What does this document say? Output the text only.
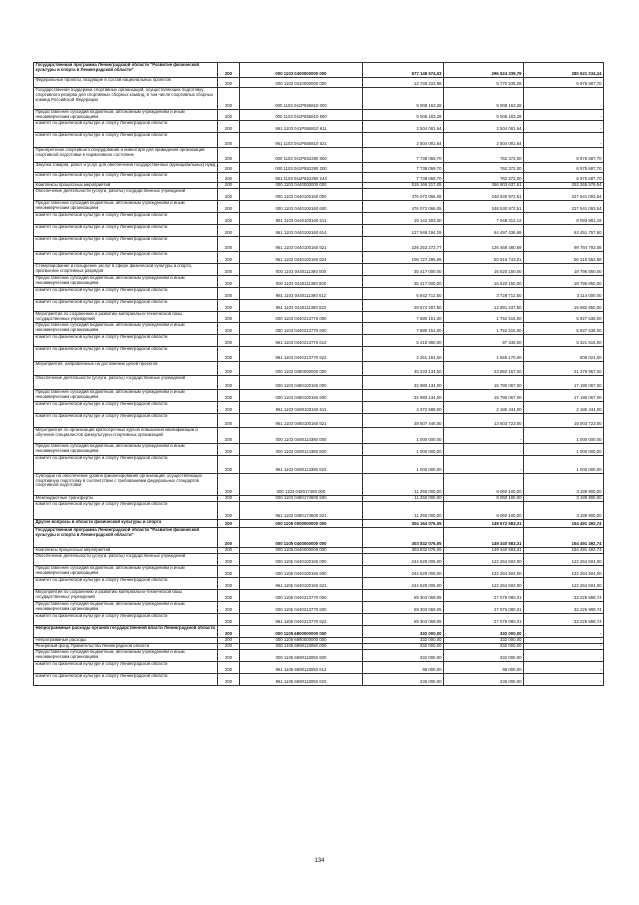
Государственная программа Ленинградской области "Развитие физической культуры и спорта в Ленинградской области"	200	000 1103 0400000000 000	577 148 574,03	296 524 339,79	280 621 234,24
Федеральные проекты, входящие в состав национальных проектов	200	000 1103 0410000000 000	12 746 222,98	5 770 535,28	6 975 687,70
Государственная поддержка спортивных организаций, осуществляющих подготовку спортивного резерва для спортивных сборных команд, в том числе спортивных сборных команд Российской Федерации	200	000 1103 041P556810 000	5 008 163,28	5 008 163,28	-
Предоставление субсидий бюджетным, автономным учреждениям и иным некоммерческим организациям	200	000 1103 041P556810 600	5 008 163,28	5 008 163,28	-
комитет по физической культуре и спорту Ленинградской области	200	961 1103 041P556810 611	2 504 081,64	2 504 081,64	-
комитет по физической культуре и спорту Ленинградской области	200	961 1103 041P556810 621	2 504 081,64	2 504 081,64	-
Приобретение спортивного оборудования и инвентаря для приведения организаций спортивной подготовки в нормативное состояние	200	000 1103 041P552290 000	7 738 059,70	762 372,00	6 975 687,70
Закупка товаров, работ и услуг для обеспечения государственных (муниципальных) нужд	200	000 1103 041P552290 200	7 738 059,70	762 372,00	6 975 687,70
комитет по физической культуре и спорту Ленинградской области	200	961 1103 041P552290 244	7 738 059,70	762 372,00	6 975 687,70
Комплексы процессных мероприятий	200	000 1103 0440000000 000	519 169 217,05	266 903 637,51	252 265 579,54
Обеспечение деятельности (услуги, работы) государственных учреждений	200	000 1103 0440100160 000	476 072 066,05	248 530 972,51	227 541 093,54
Предоставление субсидий бюджетным, автономным учреждениям и иным некоммерческим организациям	200	000 1103 0440100160 600	476 072 066,05	248 530 972,51	227 541 093,54
комитет по физической культуре и спорту Ленинградской области	200	961 1103 0440100160 611	15 142 303,30	7 048 312,12	8 093 991,18
комитет по физической культуре и спорту Ленинградской области	200	961 1103 0440100160 614	127 949 194,29	64 497 436,69	63 451 757,60
комитет по физической культуре и спорту Ленинградской области	200	961 1103 0440100160 621	226 253 272,77	126 468 480,69	99 784 792,08
комитет по физической культуре и спорту Ленинградской области	200	961 1103 0440100160 624	106 727 295,69	50 516 743,01	56 210 552,68
Стимулирование и поощрение заслуг в сфере физической культуры и спорта, присвоение спортивных разрядов	200	000 1103 0440111380 000	35 417 000,00	16 620 150,00	18 796 850,00
Предоставление субсидий бюджетным, автономным учреждениям и иным некоммерческим организациям	200	000 1103 0440111380 600	35 417 000,00	16 620 150,00	18 796 850,00
комитет по физической культуре и спорту Ленинградской области	200	961 1103 0440111380 612	6 842 712,50	3 728 712,50	3 114 000,00
комитет по физической культуре и спорту Ленинградской области	200	961 1103 0440111380 622	28 574 287,50	12 891 437,50	15 682 850,00
Мероприятия по сохранению и развитию материально-технической базы государственных учреждений	200	000 1103 0440213770 000	7 680 151,00	1 752 515,00	5 927 636,00
Предоставление субсидий бюджетным, автономным учреждениям и иным некоммерческим организациям	200	000 1103 0440213770 600	7 680 151,00	1 752 515,00	5 927 636,00
комитет по физической культуре и спорту Ленинградской области	200	961 1103 0440213770 612	5 418 960,00	97 345,00	5 321 615,00
комитет по физической культуре и спорту Ленинградской области	200	961 1103 0440213770 622	2 261 191,00	1 655 170,00	606 021,00
Мероприятия, направленные на достижение целей проектов	200	000 1103 0480000000 000	45 233 134,00	23 850 167,00	21 379 967,00
Обеспечение деятельности (услуги, работы) государственных учреждений	200	000 1103 0480100160 000	32 980 134,00	15 790 067,00	17 190 067,00
Предоставление субсидий бюджетным, автономным учреждениям и иным некоммерческим организациям	200	000 1103 0480100160 600	32 980 134,00	15 790 067,00	17 190 067,00
комитет по физической культуре и спорту Ленинградской области	200	961 1103 0480100160 611	4 372 688,00	2 186 344,00	2 186 344,00
комитет по физической культуре и спорту Ленинградской области	200	961 1103 0480100160 621	28 607 446,00	13 603 723,00	15 003 723,00
Мероприятия по организации краткосрочных курсов повышения квалификации и обучения специалистов физкультурно-спортивных организаций	200	000 1103 0480114380 000	1 000 000,00	-	1 000 000,00
Предоставление субсидий бюджетным, автономным учреждениям и иным некоммерческим организациям	200	000 1103 0480114380 600	1 000 000,00	-	1 000 000,00
комитет по физической культуре и спорту Ленинградской области	200	961 1103 0480114380 622	1 000 000,00	-	1 000 000,00
Субсидии на обеспечение уровня финансирования организаций, осуществляющих спортивную подготовку в соответствии с требованиями федеральных стандартов спортивной подготовки	200	000 1103 048017460 000	11 250 000,00	8 060 100,00	3 189 900,00
Межбюджетные трансферты	200	000 1103 0480174600 500	11 250 000,00	8 060 100,00	3 189 900,00
комитет по физической культуре и спорту Ленинградской области	200	961 1103 0480174600 521	11 250 000,00	8 060 100,00	3 189 900,00
Другие вопросы в области физической культуры и спорта	200	000 1105 0000000000 000	304 164 076,05	149 672 583,31	154 491 492,74
Государственная программа Ленинградской области "Развитие физической культуры и спорта в Ленинградской области"	200	000 1105 0400000000 000	303 832 076,05	149 340 583,31	154 491 492,74
Комплексы процессных мероприятий	200	000 1105 0440000000 000	303 832 076,05	149 340 583,31	154 491 492,74
Обеспечение деятельности (услуги, работы) государственных учреждений	200	000 1105 0440100160 000	244 529 006,00	122 264 502,00	122 264 504,00
Предоставление субсидий бюджетным, автономным учреждениям и иным некоммерческим организациям	200	000 1105 0440100160 600	244 529 006,00	122 264 502,00	122 264 504,00
комитет по физической культуре и спорту Ленинградской области	200	961 1105 0440100160 621	244 529 006,00	122 264 502,00	122 264 504,00
Мероприятия по сохранению и развитию материально-технической базы государственных учреждений	200	000 1105 0440213770 000	59 303 069,05	27 076 080,31	32 226 988,74
Предоставление субсидий бюджетным, автономным учреждениям и иным некоммерческим организациям	200	000 1105 0440213770 600	59 303 069,05	27 076 080,31	32 226 988,74
комитет по физической культуре и спорту Ленинградской области	200	961 1105 0440213770 622	59 303 069,05	27 076 080,31	32 226 988,74
Непрограммные расходы органов государственной власти Ленинградской области	200	000 1105 6800000000 000	332 000,00	332 000,00	-
Непрограммные расходы	200	000 1105 6890000000 000	332 000,00	332 000,00	-
Резервный фонд Правительства Ленинградской области	200	000 1105 6890118050 000	332 000,00	332 000,00	-
Предоставление субсидий бюджетным, автономным учреждениям и иным некоммерческим организациям	200	000 1105 6890118050 600	332 000,00	332 000,00	-
комитет по физической культуре и спорту Ленинградской области	200	961 1105 6890118050 612	96 000,00	96 000,00	-
комитет по физической культуре и спорту Ленинградской области	200	961 1105 6890118050 622	236 000,00	236 000,00	-
134
